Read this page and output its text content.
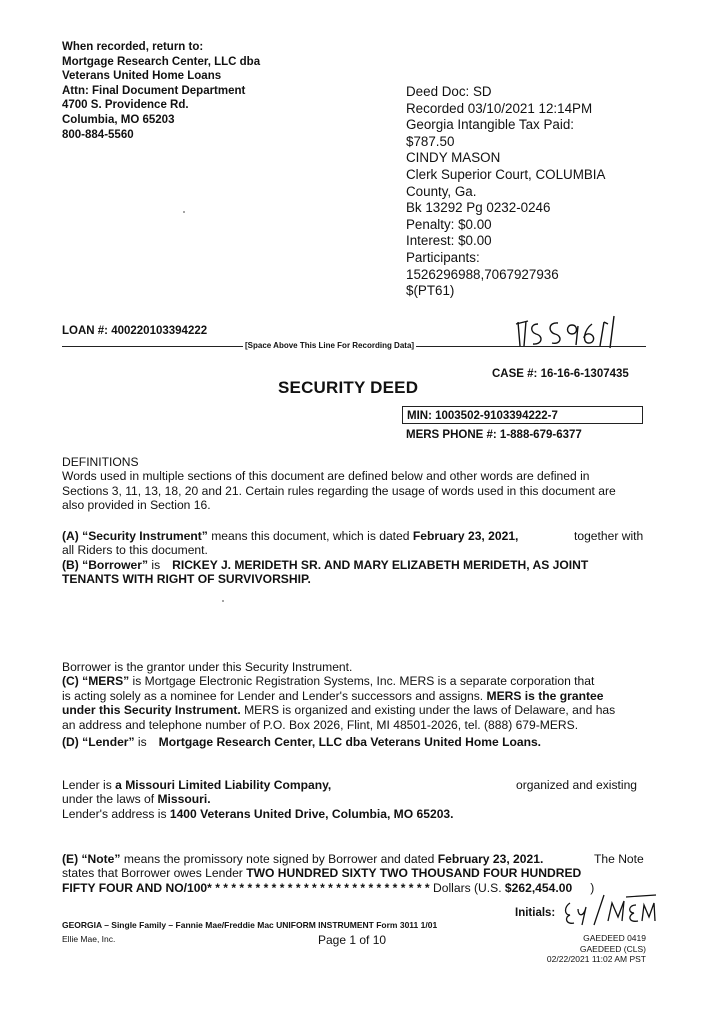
When recorded, return to:
Mortgage Research Center, LLC dba
Veterans United Home Loans
Attn: Final Document Department
4700 S. Providence Rd.
Columbia, MO 65203
800-884-5560
Deed Doc: SD
Recorded 03/10/2021 12:14PM
Georgia Intangible Tax Paid:
$787.50
CINDY MASON
Clerk Superior Court, COLUMBIA
County, Ga.
Bk 13292 Pg 0232-0246
Penalty: $0.00
Interest: $0.00
Participants:
1526296988,7067927936
$(PT61)
LOAN #: 400220103394222
[Space Above This Line For Recording Data]
CASE #: 16-16-6-1307435
SECURITY DEED
MIN: 1003502-9103394222-7
MERS PHONE #: 1-888-679-6377
DEFINITIONS
Words used in multiple sections of this document are defined below and other words are defined in
Sections 3, 11, 13, 18, 20 and 21. Certain rules regarding the usage of words used in this document are
also provided in Section 16.
(A) “Security Instrument” means this document, which is dated February 23, 2021,	together with
all Riders to this document.
(B) “Borrower” is RICKEY J. MERIDETH SR. AND MARY ELIZABETH MERIDETH, AS JOINT
TENANTS WITH RIGHT OF SURVIVORSHIP.
Borrower is the grantor under this Security Instrument.
(C) “MERS” is Mortgage Electronic Registration Systems, Inc. MERS is a separate corporation that
is acting solely as a nominee for Lender and Lender's successors and assigns. MERS is the grantee
under this Security Instrument. MERS is organized and existing under the laws of Delaware, and has
an address and telephone number of P.O. Box 2026, Flint, MI 48501-2026, tel. (888) 679-MERS.
(D) “Lender” is Mortgage Research Center, LLC dba Veterans United Home Loans.
Lender is a Missouri Limited Liability Company,	organized and existing
under the laws of Missouri.
Lender's address is 1400 Veterans United Drive, Columbia, MO 65203.
(E) “Note” means the promissory note signed by Borrower and dated February 23, 2021.	The Note
states that Borrower owes Lender TWO HUNDRED SIXTY TWO THOUSAND FOUR HUNDRED
FIFTY FOUR AND NO/100* * * * * * * * * * * * * * * * * * * * * * * * * * * * Dollars (U.S. $262,454.00 )
Initials:
GEORGIA – Single Family – Fannie Mae/Freddie Mac UNIFORM INSTRUMENT Form 3011 1/01
Ellie Mae, Inc.	Page 1 of 10	GAEDEED 0419
GAEDEED (CLS)
02/22/2021 11:02 AM PST
